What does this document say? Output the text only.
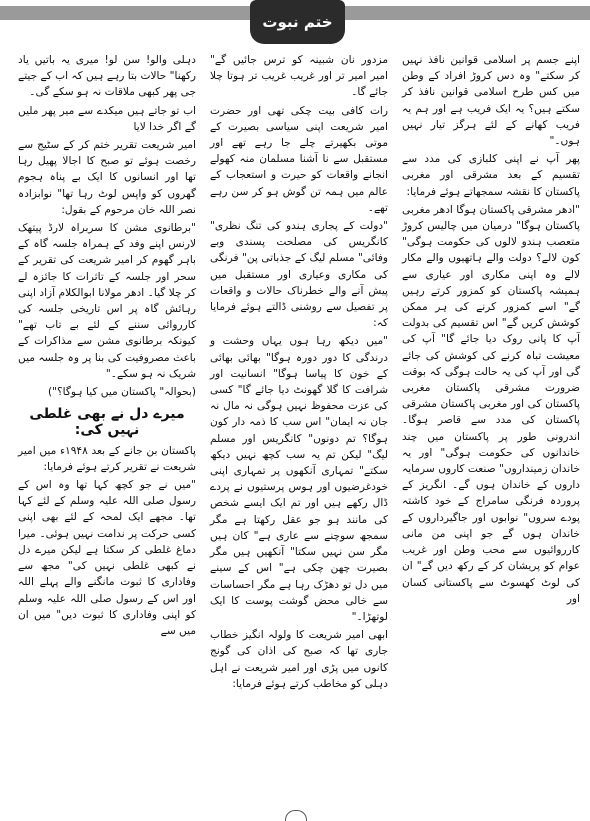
ختم نبوت

اپنے جسم پر اسلامی قوانین نافذ نہیں کر سکتے" وہ دس کروڑ افراد کے وطن میں کس طرح اسلامی قوانین نافذ کر سکتے ہیں؟ یہ ایک فریب ہے اور ہم یہ فریب کھانے کے لئے ہرگز تیار نہیں ہوں۔"

پھر آپ نے اپنی کلبازی کی مدد سے تقسیم کے بعد مشرقی اور مغربی پاکستان کا نقشہ سمجھاتے ہوئے فرمایا:

"ادھر مشرقی پاکستان ہوگا ادھر مغربی پاکستان ہوگا" درمیان میں چالیس کروڑ متعصب ہندو لالوں کی حکومت ہوگی" کون لالے؟ دولت والے ہاتھیوں والے مکار لالے وہ اپنی مکاری اور عیاری سے ہمیشہ پاکستان کو کمزور کرتے رہیں گے" اسے کمزور کرنے کی ہر ممکن کوشش کریں گے" اس تقسیم کی بدولت آپ کا پانی روک دیا جائے گا" آپ کی معیشت تباہ کرنے کی کوشش کی جائے گی اور آپ کی یہ حالت ہوگی کہ بوقت ضرورت مشرقی پاکستان مغربی پاکستان کی اور مغربی پاکستان مشرقی پاکستان کی مدد سے قاصر ہوگا۔ اندرونی طور پر پاکستان میں چند خاندانوں کی حکومت ہوگی" اور یہ خاندان زمینداروں" صنعت کاروں سرمایہ داروں کے خاندان ہوں گے۔ انگریز کے پروردہ فرنگی سامراج کے خود کاشتہ پودے سروں" نوابوں اور جاگیرداروں کے خاندان ہوں گے جو اپنی من مانی کارروائیوں سے محب وطن اور غریب عوام کو پریشان کر کے رکھ دیں گے" ان کی لوٹ کھسوٹ سے پاکستانی کسان اور

مزدور نان شبینہ کو ترس جائیں گے" امیر امیر تر اور غریب غریب تر ہوتا چلا جائے گا۔

رات کافی بیت چکی تھی اور حضرت امیر شریعت اپنی سیاسی بصیرت کے موتی بکھیرتے چلے جا رہے تھے اور مستقبل سے نا آشنا مسلمان منہ کھولے انجانے واقعات کو حیرت و استعجاب کے عالم میں ہمہ تن گوش ہو کر سن رہے تھے۔

"دولت کے پجاری ہندو کی تنگ نظری" کانگریس کی مصلحت پسندی وبے وفائی" مسلم لیگ کے جذباتی پن" فرنگی کی مکاری وعیاری اور مستقبل میں پیش آنے والے خطرناک حالات و واقعات پر تفصیل سے روشنی ڈالتے ہوئے فرمایا کہ:

"میں دیکھ رہا ہوں یہاں وحشت و درندگی کا دور دورہ ہوگا" بھائی بھائی کے خون کا پیاسا ہوگا" انسانیت اور شرافت کا گلا گھونٹ دیا جائے گا" کسی کی عزت محفوظ نہیں ہوگی نہ مال نہ جان نہ ایمان" اس سب کا ذمہ دار کون ہوگا؟ تم دونوں" کانگریس اور مسلم لیگ" لیکن تم یہ سب کچھ نہیں دیکھ سکتے" تمہاری آنکھوں پر تمہاری اپنی خودغرضیوں اور ہوس پرستیوں نے پردے ڈال رکھے ہیں اور تم ایک ایسے شخص کی مانند ہو جو عقل رکھتا ہے مگر سمجھ سوچنے سے عاری ہے" کان ہیں مگر سن نہیں سکتا" آنکھیں ہیں مگر بصیرت چھن چکی ہے" اس کے سینے میں دل تو دھڑک رہا ہے مگر احساسات سے خالی محض گوشت پوست کا ایک لوتھڑا۔"

ابھی امیر شریعت کا ولولہ انگیز خطاب جاری تھا کہ صبح کی اذان کی گونج کانوں میں پڑی اور امیر شریعت نے اہل دہلی کو مخاطب کرتے ہوئے فرمایا:

دہلی والو! سن لو! میری یہ باتیں یاد رکھنا" حالات بتا رہے ہیں کہ اب کے جیتے جی پھر کبھی ملاقات نہ ہو سکے گی۔

اب تو جاتے ہیں میکدے سے میر پھر ملیں گے اگر خدا لایا

امیر شریعت تقریر ختم کر کے سٹیج سے رخصت ہوئے تو صبح کا اجالا پھیل رہا تھا اور انسانوں کا ایک بے پناہ ہجوم گھروں کو واپس لوٹ رہا تھا" نوابزادہ نصر اللہ خان مرحوم کے بقول:

"برطانوی مشن کا سربراہ لارڈ پیتھک لارنس اپنے وفد کے ہمراہ جلسہ گاہ کے باہر گھوم کر امیر شریعت کی تقریر کے سحر اور جلسہ کے تاثرات کا جائزہ لے کر چلا گیا۔ ادھر مولانا ابوالکلام آزاد اپنی رہائش گاہ پر اس تاریخی جلسہ کی کارروائی سننے کے لئے بے تاب تھے" کیونکہ برطانوی مشن سے مذاکرات کے باعث مصروفیت کی بنا پر وہ جلسہ میں شریک نہ ہو سکے۔"

(بحوالہ" پاکستان میں کیا ہوگا؟")

میرے دل نے بھی غلطی نہیں کی:

پاکستان بن جانے کے بعد ۱۹۴۸ء میں امیر شریعت نے تقریر کرتے ہوئے فرمایا:

"میں نے جو کچھ کہا تھا وہ اس کے رسول صلی اللہ علیہ وسلم کے لئے کہا تھا۔ مجھے ایک لمحہ کے لئے بھی اپنی کسی حرکت پر ندامت نہیں ہوئی۔ میرا دماغ غلطی کر سکتا ہے لیکن میرے دل نے کبھی غلطی نہیں کی" مجھ سے وفاداری کا ثبوت مانگنے والے پہلے اللہ اور اس کے رسول صلی اللہ علیہ وسلم کو اپنی وفاداری کا ثبوت دیں" میں ان میں سے
